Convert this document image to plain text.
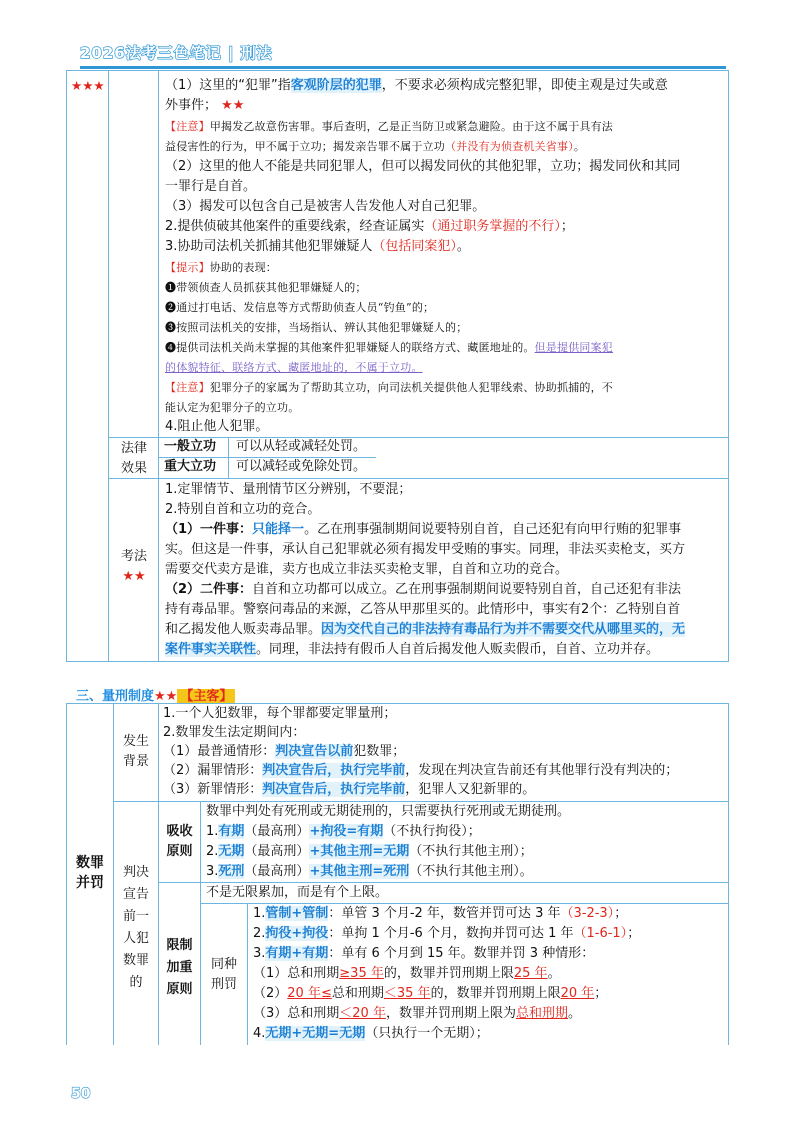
2026法考三色笔记 | 刑法
★★★	（1）这里的“犯罪”指客观阶层的犯罪，不要求必须构成完整犯罪，即使主观是过失或意
外事件； ★★
【注意】甲揭发乙故意伤害罪。事后查明，乙是正当防卫或紧急避险。由于这不属于具有法
益侵害性的行为，甲不属于立功；揭发亲告罪不属于立功（并没有为侦查机关省事）。
（2）这里的他人不能是共同犯罪人，但可以揭发同伙的其他犯罪，立功；揭发同伙和其同
一罪行是自首。
（3）揭发可以包含自己是被害人告发他人对自己犯罪。
2.提供侦破其他案件的重要线索，经查证属实（通过职务掌握的不行）；
3.协助司法机关抓捕其他犯罪嫌疑人（包括同案犯）。
【提示】协助的表现：
❶带领侦查人员抓获其他犯罪嫌疑人的；
❷通过打电话、发信息等方式帮助侦查人员“钓鱼”的；
❸按照司法机关的安排，当场指认、辨认其他犯罪嫌疑人的；
❹提供司法机关尚未掌握的其他案件犯罪嫌疑人的联络方式、藏匿地址的。但是提供同案犯
的体貌特征、联络方式、藏匿地址的，不属于立功。
【注意】犯罪分子的家属为了帮助其立功，向司法机关提供他人犯罪线索、协助抓捕的，不
能认定为犯罪分子的立功。
4.阻止他人犯罪。
法律
效果
一般立功 可以从轻或减轻处罚。
重大立功 可以减轻或免除处罚。
考法
★★
1.定罪情节、量刑情节区分辨别，不要混；
2.特别自首和立功的竞合。
（1）一件事：只能择一。乙在刑事强制期间说要特别自首，自己还犯有向甲行贿的犯罪事
实。但这是一件事，承认自己犯罪就必须有揭发甲受贿的事实。同理，非法买卖枪支，买方
需要交代卖方是谁，卖方也成立非法买卖枪支罪，自首和立功的竞合。
（2）二件事：自首和立功都可以成立。乙在刑事强制期间说要特别自首，自己还犯有非法
持有毒品罪。警察问毒品的来源，乙答从甲那里买的。此情形中，事实有2个：乙特别自首
和乙揭发他人贩卖毒品罪。因为交代自己的非法持有毒品行为并不需要交代从哪里买的，无
案件事实关联性。同理，非法持有假币人自首后揭发他人贩卖假币，自首、立功并存。
三、量刑制度★★ 【主客】
数罪
并罚
发生
背景
1.一个人犯数罪，每个罪都要定罪量刑；
2.数罪发生法定期间内：
（1）最普通情形：判决宣告以前犯数罪；
（2）漏罪情形：判决宣告后，执行完毕前，发现在判决宣告前还有其他罪行没有判决的；
（3）新罪情形：判决宣告后，执行完毕前，犯罪人又犯新罪的。
判决
宣告
前一
人犯
数罪
的
吸收
原则
数罪中判处有死刑或无期徒刑的，只需要执行死刑或无期徒刑。
1.有期（最高刑）+拘役=有期（不执行拘役）；
2.无期（最高刑）+其他主刑=无期（不执行其他主刑）；
3.死刑（最高刑）+其他主刑=死刑（不执行其他主刑）。
限制
加重
原则
不是无限累加，而是有个上限。
同种
刑罚
1.管制+管制：单管 3 个月-2 年，数管并罚可达 3 年（3-2-3）；
2.拘役+拘役：单拘 1 个月-6 个月，数拘并罚可达 1 年（1-6-1）；
3.有期+有期：单有 6 个月到 15 年。数罪并罚 3 种情形：
（1）总和刑期≥35 年的，数罪并罚刑期上限25 年。
（2）20 年≤总和刑期＜35 年的，数罪并罚刑期上限20 年；
（3）总和刑期＜20 年，数罪并罚刑期上限为总和刑期。
4.无期+无期=无期（只执行一个无期）；
50
